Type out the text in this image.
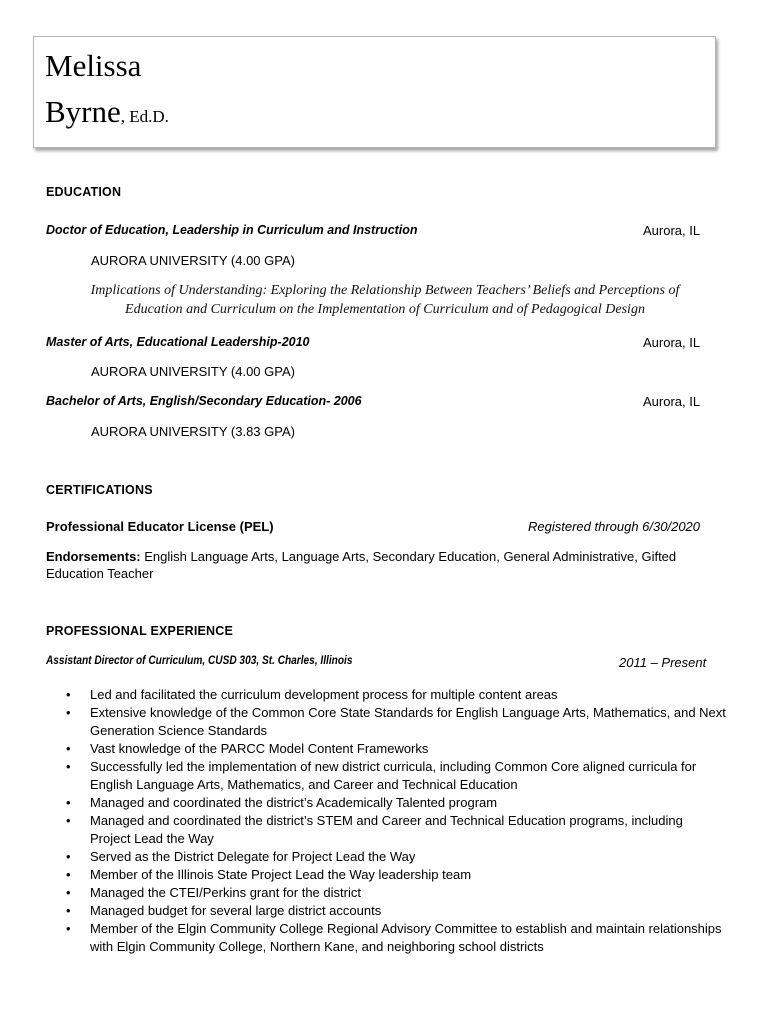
Melissa
Byrne, Ed.D.
EDUCATION
Doctor of Education, Leadership in Curriculum and Instruction	Aurora, IL
AURORA UNIVERSITY (4.00 GPA)
Implications of Understanding: Exploring the Relationship Between Teachers’ Beliefs and Perceptions of
Education and Curriculum on the Implementation of Curriculum and of Pedagogical Design
Master of Arts, Educational Leadership-2010	Aurora, IL
AURORA UNIVERSITY (4.00 GPA)
Bachelor of Arts, English/Secondary Education- 2006	Aurora, IL
AURORA UNIVERSITY (3.83 GPA)
CERTIFICATIONS
Professional Educator License (PEL)	Registered through 6/30/2020
Endorsements: English Language Arts, Language Arts, Secondary Education, General Administrative, Gifted Education Teacher
PROFESSIONAL EXPERIENCE
Assistant Director of Curriculum, CUSD 303, St. Charles, Illinois	2011 – Present
• Led and facilitated the curriculum development process for multiple content areas
• Extensive knowledge of the Common Core State Standards for English Language Arts, Mathematics, and Next Generation Science Standards
• Vast knowledge of the PARCC Model Content Frameworks
• Successfully led the implementation of new district curricula, including Common Core aligned curricula for English Language Arts, Mathematics, and Career and Technical Education
• Managed and coordinated the district’s Academically Talented program
• Managed and coordinated the district’s STEM and Career and Technical Education programs, including Project Lead the Way
• Served as the District Delegate for Project Lead the Way
• Member of the Illinois State Project Lead the Way leadership team
• Managed the CTEI/Perkins grant for the district
• Managed budget for several large district accounts
• Member of the Elgin Community College Regional Advisory Committee to establish and maintain relationships with Elgin Community College, Northern Kane, and neighboring school districts
